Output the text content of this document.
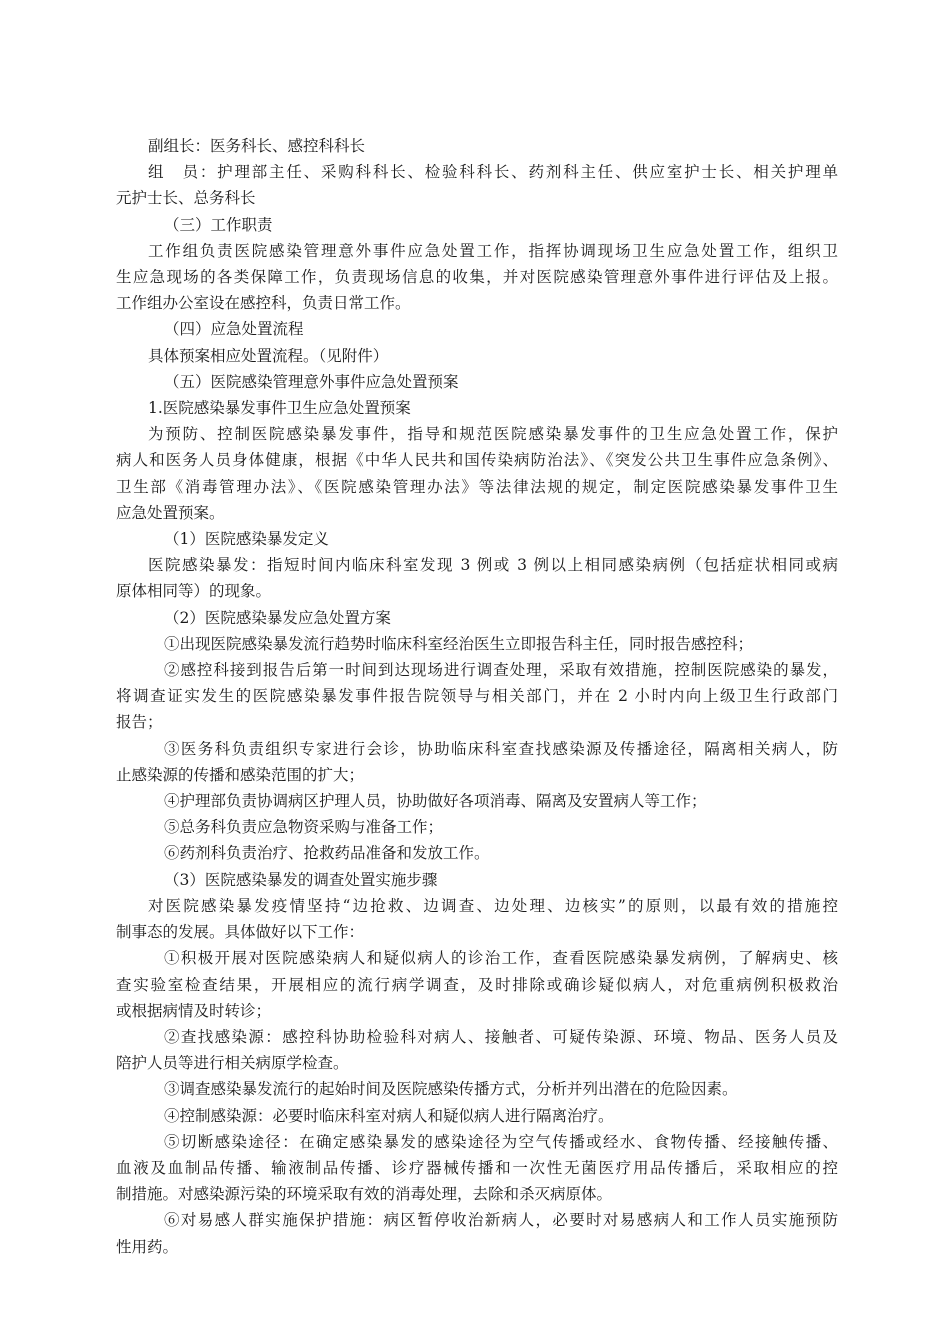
副组长：医务科长、感控科科长
组　员：护理部主任、采购科科长、检验科科长、药剂科主任、供应室护士长、相关护理单
元护士长、总务科长
（三）工作职责
工作组负责医院感染管理意外事件应急处置工作，指挥协调现场卫生应急处置工作，组织卫
生应急现场的各类保障工作，负责现场信息的收集，并对医院感染管理意外事件进行评估及上报。
工作组办公室设在感控科，负责日常工作。
（四）应急处置流程
具体预案相应处置流程。（见附件）
（五）医院感染管理意外事件应急处置预案
1.医院感染暴发事件卫生应急处置预案
为预防、控制医院感染暴发事件，指导和规范医院感染暴发事件的卫生应急处置工作，保护
病人和医务人员身体健康，根据《中华人民共和国传染病防治法》、《突发公共卫生事件应急条例》、
卫生部《消毒管理办法》、《医院感染管理办法》等法律法规的规定，制定医院感染暴发事件卫生
应急处置预案。
（1）医院感染暴发定义
医院感染暴发：指短时间内临床科室发现 3 例或 3 例以上相同感染病例（包括症状相同或病
原体相同等）的现象。
（2）医院感染暴发应急处置方案
①出现医院感染暴发流行趋势时临床科室经治医生立即报告科主任，同时报告感控科；
②感控科接到报告后第一时间到达现场进行调查处理，采取有效措施，控制医院感染的暴发，
将调查证实发生的医院感染暴发事件报告院领导与相关部门，并在 2 小时内向上级卫生行政部门
报告；
③医务科负责组织专家进行会诊，协助临床科室查找感染源及传播途径，隔离相关病人，防
止感染源的传播和感染范围的扩大；
④护理部负责协调病区护理人员，协助做好各项消毒、隔离及安置病人等工作；
⑤总务科负责应急物资采购与准备工作；
⑥药剂科负责治疗、抢救药品准备和发放工作。
（3）医院感染暴发的调查处置实施步骤
对医院感染暴发疫情坚持“边抢救、边调查、边处理、边核实”的原则，以最有效的措施控
制事态的发展。具体做好以下工作：
①积极开展对医院感染病人和疑似病人的诊治工作，查看医院感染暴发病例，了解病史、核
查实验室检查结果，开展相应的流行病学调查，及时排除或确诊疑似病人，对危重病例积极救治
或根据病情及时转诊；
②查找感染源：感控科协助检验科对病人、接触者、可疑传染源、环境、物品、医务人员及
陪护人员等进行相关病原学检查。
③调查感染暴发流行的起始时间及医院感染传播方式，分析并列出潜在的危险因素。
④控制感染源：必要时临床科室对病人和疑似病人进行隔离治疗。
⑤切断感染途径：在确定感染暴发的感染途径为空气传播或经水、食物传播、经接触传播、
血液及血制品传播、输液制品传播、诊疗器械传播和一次性无菌医疗用品传播后，采取相应的控
制措施。对感染源污染的环境采取有效的消毒处理，去除和杀灭病原体。
⑥对易感人群实施保护措施：病区暂停收治新病人，必要时对易感病人和工作人员实施预防
性用药。
